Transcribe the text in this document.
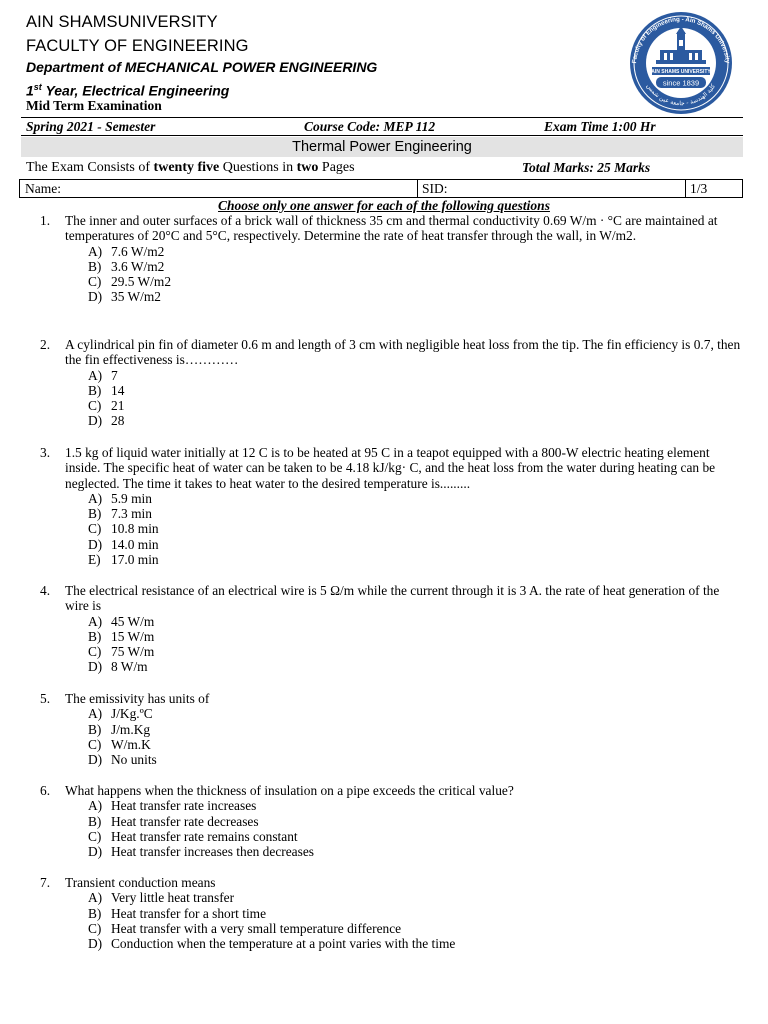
AIN SHAMSUNIVERSITY
FACULTY OF ENGINEERING
Department of MECHANICAL POWER ENGINEERING
1st Year, Electrical Engineering
Mid Term Examination
Faculty of Engineering - Ain Shams University
كلية الهندسة - جامعة عين شمس
AIN SHAMS UNIVERSITY
since 1839
Spring 2021 - Semester	Course Code: MEP 112	Exam Time 1:00 Hr
Thermal Power Engineering
The Exam Consists of twenty five Questions in two Pages	Total Marks: 25 Marks
Name:	SID:	1/3
Choose only one answer for each of the following questions
1. The inner and outer surfaces of a brick wall of thickness 35 cm and thermal conductivity 0.69 W/m · °C are maintained at temperatures of 20°C and 5°C, respectively. Determine the rate of heat transfer through the wall, in W/m2.
A) 7.6 W/m2
B) 3.6 W/m2
C) 29.5 W/m2
D) 35 W/m2
2. A cylindrical pin fin of diameter 0.6 m and length of 3 cm with negligible heat loss from the tip. The fin efficiency is 0.7, then the fin effectiveness is…………
A) 7
B) 14
C) 21
D) 28
3. 1.5 kg of liquid water initially at 12 C is to be heated at 95 C in a teapot equipped with a 800-W electric heating element inside. The specific heat of water can be taken to be 4.18 kJ/kg· C, and the heat loss from the water during heating can be neglected. The time it takes to heat water to the desired temperature is.........
A) 5.9 min
B) 7.3 min
C) 10.8 min
D) 14.0 min
E) 17.0 min
4. The electrical resistance of an electrical wire is 5 Ω/m while the current through it is 3 A. the rate of heat generation of the wire is
A) 45 W/m
B) 15 W/m
C) 75 W/m
D) 8 W/m
5. The emissivity has units of
A) J/Kg.ºC
B) J/m.Kg
C) W/m.K
D) No units
6. What happens when the thickness of insulation on a pipe exceeds the critical value?
A) Heat transfer rate increases
B) Heat transfer rate decreases
C) Heat transfer rate remains constant
D) Heat transfer increases then decreases
7. Transient conduction means
A) Very little heat transfer
B) Heat transfer for a short time
C) Heat transfer with a very small temperature difference
D) Conduction when the temperature at a point varies with the time
